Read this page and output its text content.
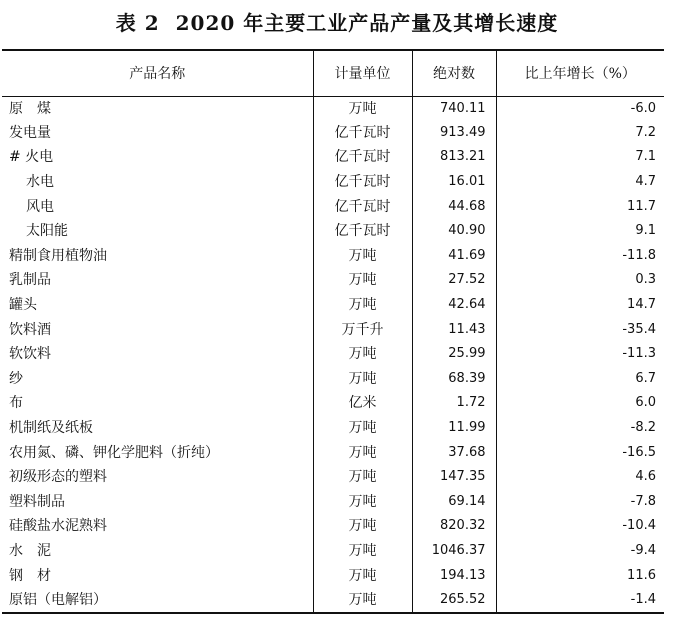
表 2 2020 年主要工业产品产量及其增长速度
产品名称	计量单位	绝对数	比上年增长（%）
原　煤	万吨	740.11	-6.0
发电量	亿千瓦时	913.49	7.2
# 火电	亿千瓦时	813.21	7.1
水电	亿千瓦时	16.01	4.7
风电	亿千瓦时	44.68	11.7
太阳能	亿千瓦时	40.90	9.1
精制食用植物油	万吨	41.69	-11.8
乳制品	万吨	27.52	0.3
罐头	万吨	42.64	14.7
饮料酒	万千升	11.43	-35.4
软饮料	万吨	25.99	-11.3
纱	万吨	68.39	6.7
布	亿米	1.72	6.0
机制纸及纸板	万吨	11.99	-8.2
农用氮、磷、钾化学肥料（折纯）	万吨	37.68	-16.5
初级形态的塑料	万吨	147.35	4.6
塑料制品	万吨	69.14	-7.8
硅酸盐水泥熟料	万吨	820.32	-10.4
水　泥	万吨	1046.37	-9.4
钢　材	万吨	194.13	11.6
原铝（电解铝）	万吨	265.52	-1.4
